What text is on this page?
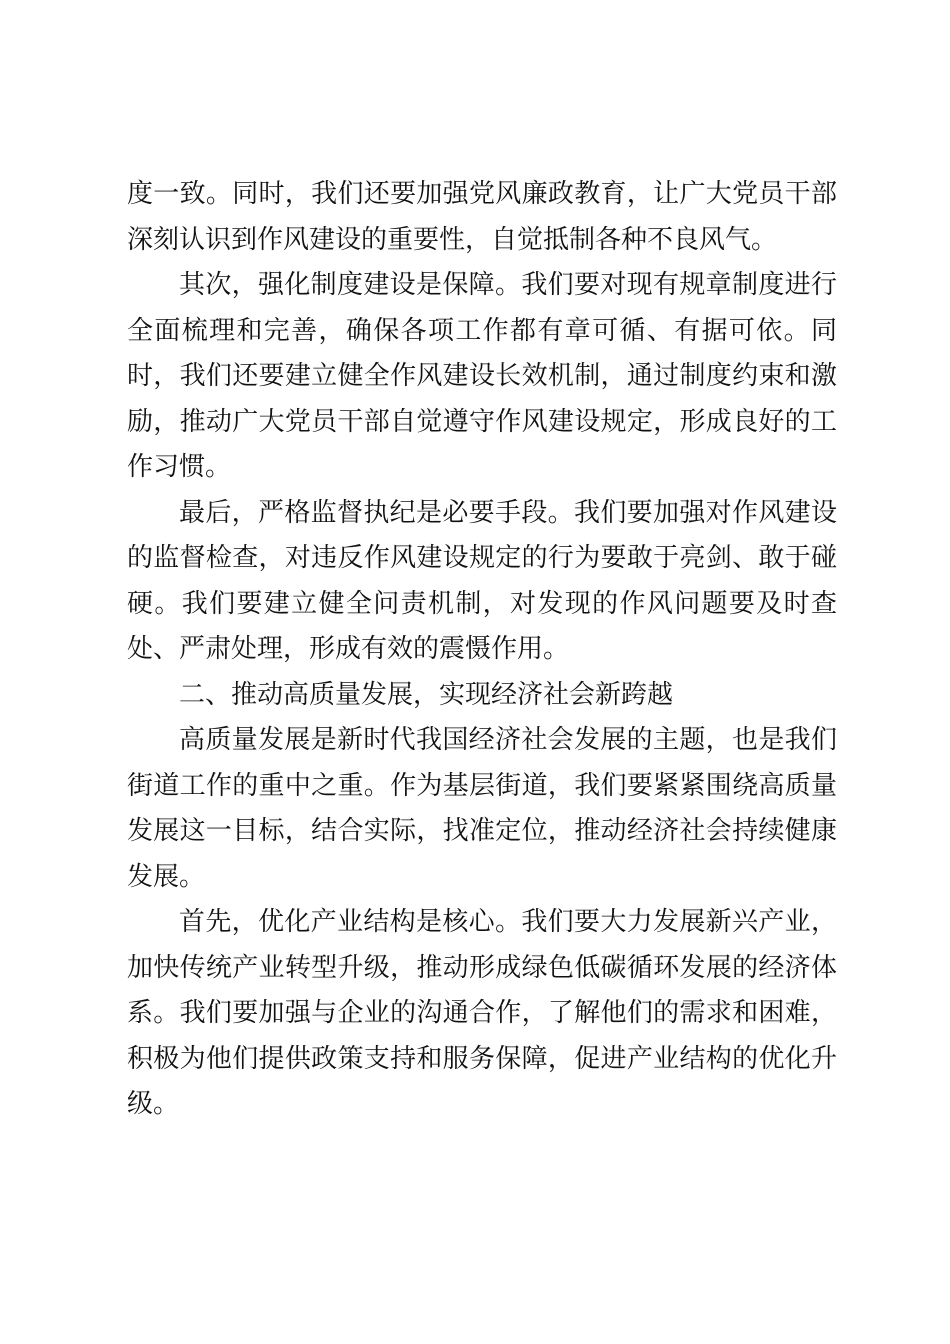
度一致。同时，我们还要加强党风廉政教育，让广大党员干部
深刻认识到作风建设的重要性，自觉抵制各种不良风气。
其次，强化制度建设是保障。我们要对现有规章制度进行
全面梳理和完善，确保各项工作都有章可循、有据可依。同
时，我们还要建立健全作风建设长效机制，通过制度约束和激
励，推动广大党员干部自觉遵守作风建设规定，形成良好的工
作习惯。
最后，严格监督执纪是必要手段。我们要加强对作风建设
的监督检查，对违反作风建设规定的行为要敢于亮剑、敢于碰
硬。我们要建立健全问责机制，对发现的作风问题要及时查
处、严肃处理，形成有效的震慑作用。
二、推动高质量发展，实现经济社会新跨越
高质量发展是新时代我国经济社会发展的主题，也是我们
街道工作的重中之重。作为基层街道，我们要紧紧围绕高质量
发展这一目标，结合实际，找准定位，推动经济社会持续健康
发展。
首先，优化产业结构是核心。我们要大力发展新兴产业，
加快传统产业转型升级，推动形成绿色低碳循环发展的经济体
系。我们要加强与企业的沟通合作，了解他们的需求和困难，
积极为他们提供政策支持和服务保障，促进产业结构的优化升
级。
